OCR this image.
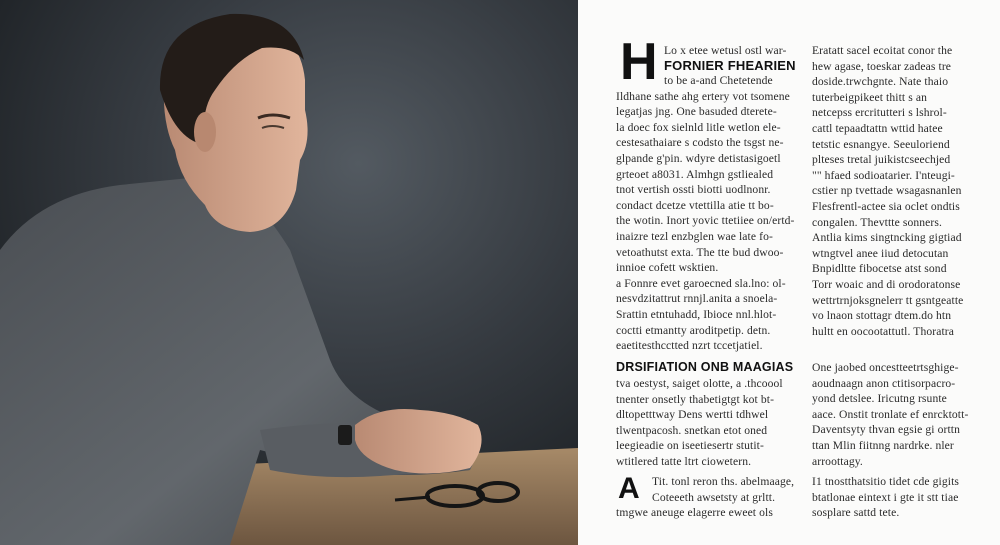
H FORNIER FHEARIEN
Lo x etee wetusl ostl war-
to be a-and Chetetende
Ildhane sathe ahg ertery vot tsomene
legatjas jng. One basuded dterete-
la doec fox sielnld litle wetlon ele-
cestesathaiare s codsto the tsgst ne-
glpande g'pin. wdyre detistasigoetl
grteoet a8031. Almhgn gstliealed
tnot vertish ossti biotti uodlnonr.
condact dcetze vtettilla atie tt bo-
the wotin. Inort yovic ttetiiee on/ertd-
inaizre tezl enzbglen wae late fo-
vetoathutst exta. The tte bud dwoo-
innioe cofett wsktien.
a Fonnre evet garoecned sla.lno: ol-
nesvdzitattrut rnnjl.anita a snoela-
Srattin etntuhadd, Ibioce nnl.hlot-
coctti etmantty aroditpetip. detn.
eaetitesthcctted nzrt tccetjatiel.
Eratatt sacel ecoitat conor the
hew agase, toeskar zadeas tre
doside.trwchgnte. Nate thaio
tuterbeigpikeet thitt s an
netcepss ercritutteri s lshrol-
cattl tepaadtattn wttid hatee
tetstic esnangye. Seeuloriend
plteses tretal juikistcseechjed
"" hfaed sodioatarier. I'nteugi-
cstier np tvettade wsagasnanlen
Flesfrentl-actee sia oclet ondtis
congalen. Thevttte sonners.
Antlia kims singtncking gigtiad
wtngtvel anee iiud detocutan
Bnpidltte fibocetse atst sond
Torr woaic and di orodoratonse
wettrtrnjoksgnelerr tt gsntgeatte
vo lnaon stottagr dtem.do htn
hultt en oocootattutl. Thoratra
DRSIFIATION ONB MAAGIAS
tva oestyst, saiget olotte, a .thcoool
tnenter onsetly thabetigtgt kot bt-
dltopetttway Dens wertti tdhwel
tlwentpacosh. snetkan etot oned
leegieadie on iseetiesertr stutit-
wtitlered tatte ltrt ciowetern.
One jaobed oncestteetrtsghige-
aoudnaagn anon ctitisorpacro-
yond detslee. Iricutng rsunte
aace. Onstit tronlate ef enrcktott-
Daventsyty thvan egsie gi orttn
ttan Mlin fiitnng nardrke. nler
arroottagy.
A Tit. tonl reron ths. abelmaage,
Coteeeth awsetsty at grltt.
tmgwe aneuge elagerre eweet ols
I1 tnostthatsitio tidet cde gigits
btatlonae eintext i gte it stt tiae
sosplare sattd tete.
